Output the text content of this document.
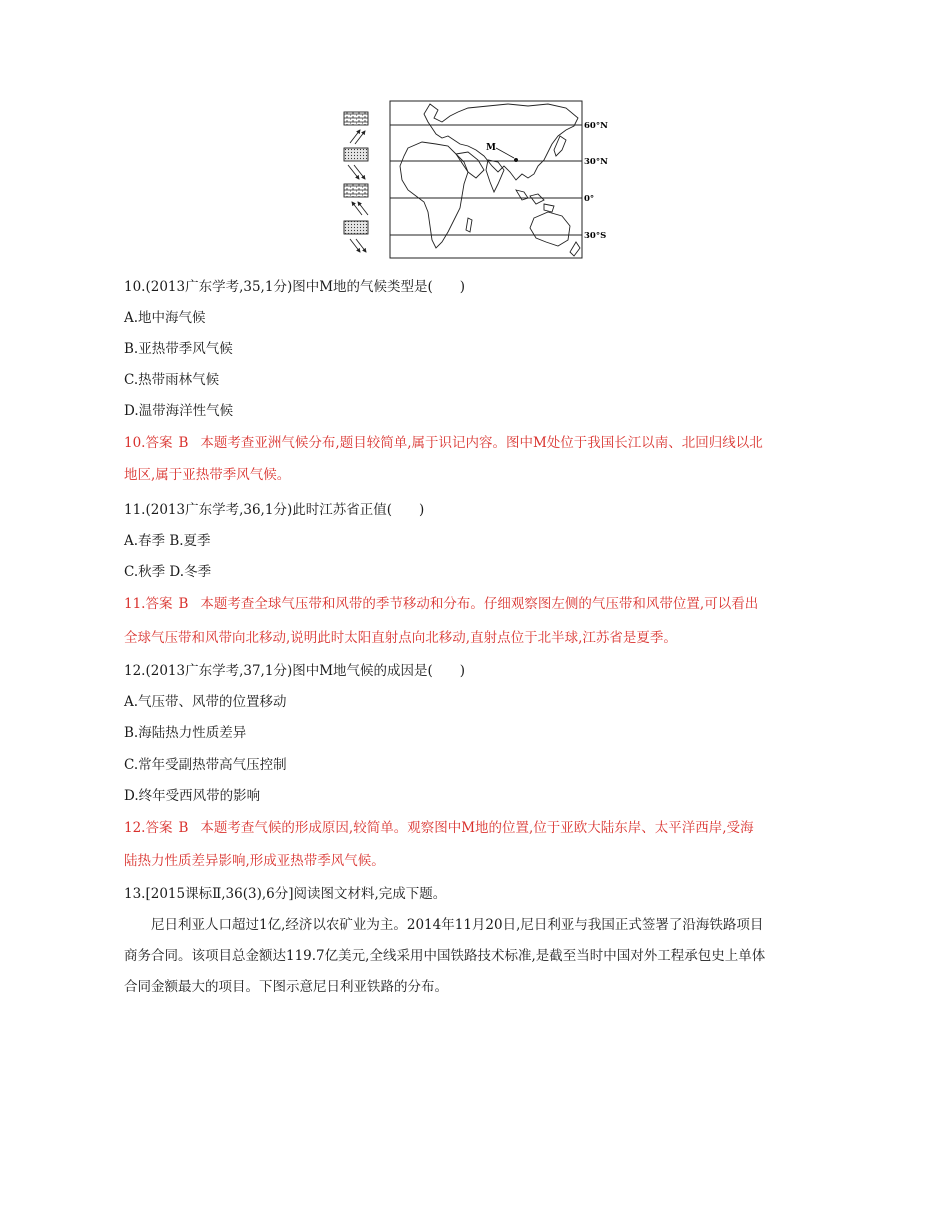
M
60°N
30°N
0°
30°S
10.(2013广东学考,35,1分)图中M地的气候类型是(　　)
A.地中海气候
B.亚热带季风气候
C.热带雨林气候
D.温带海洋性气候
10.答案 B 本题考查亚洲气候分布,题目较简单,属于识记内容。图中M处位于我国长江以南、北回归线以北
地区,属于亚热带季风气候。
11.(2013广东学考,36,1分)此时江苏省正值(　　)
A.春季 B.夏季
C.秋季 D.冬季
11.答案 B 本题考查全球气压带和风带的季节移动和分布。仔细观察图左侧的气压带和风带位置,可以看出
全球气压带和风带向北移动,说明此时太阳直射点向北移动,直射点位于北半球,江苏省是夏季。
12.(2013广东学考,37,1分)图中M地气候的成因是(　　)
A.气压带、风带的位置移动
B.海陆热力性质差异
C.常年受副热带高气压控制
D.终年受西风带的影响
12.答案 B 本题考查气候的形成原因,较简单。观察图中M地的位置,位于亚欧大陆东岸、太平洋西岸,受海
陆热力性质差异影响,形成亚热带季风气候。
13.[2015课标Ⅱ,36(3),6分]阅读图文材料,完成下题。
尼日利亚人口超过1亿,经济以农矿业为主。2014年11月20日,尼日利亚与我国正式签署了沿海铁路项目
商务合同。该项目总金额达119.7亿美元,全线采用中国铁路技术标准,是截至当时中国对外工程承包史上单体
合同金额最大的项目。下图示意尼日利亚铁路的分布。
